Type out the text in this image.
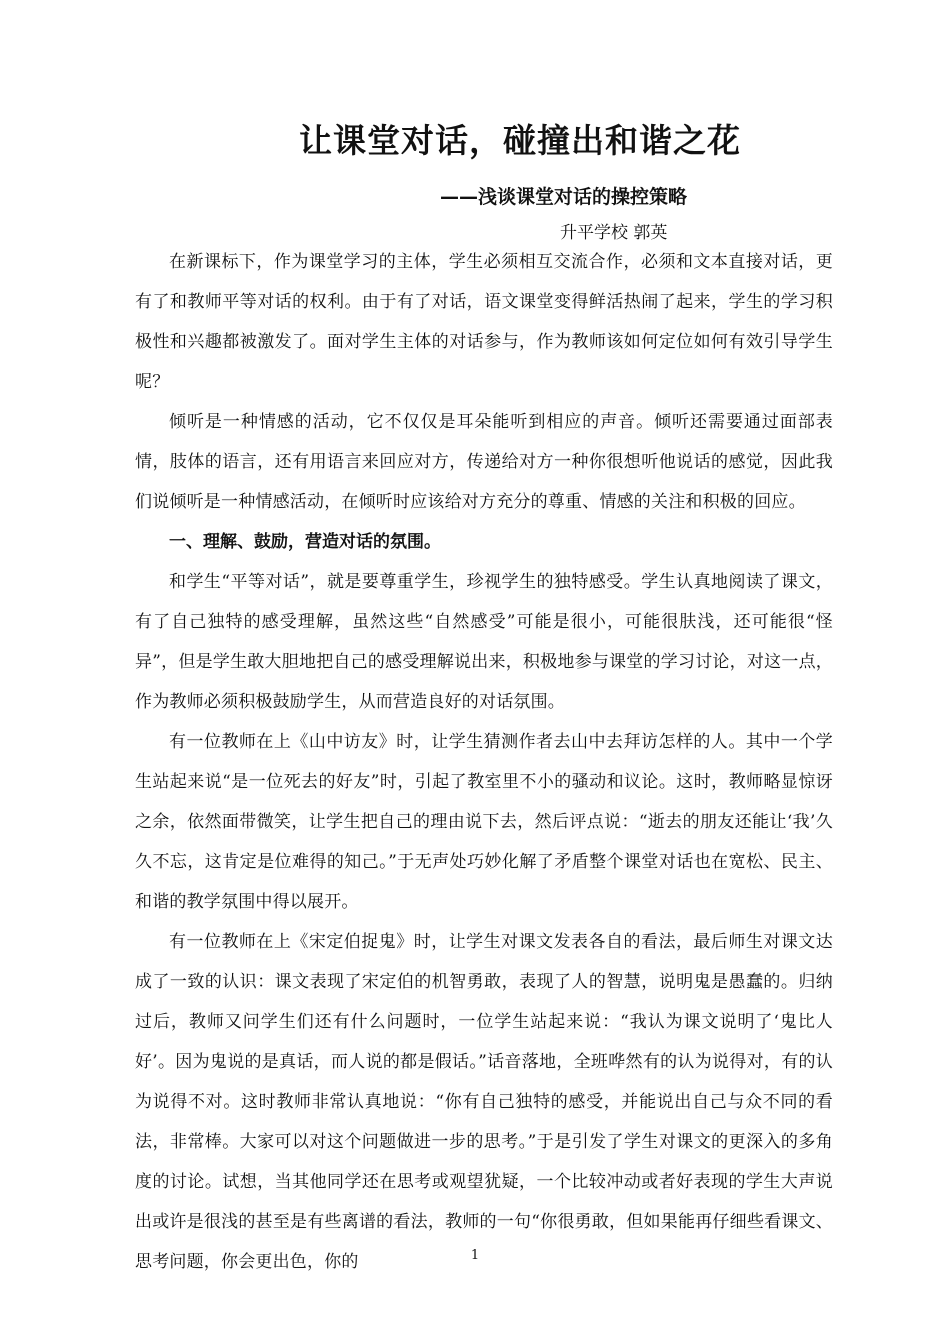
让课堂对话，碰撞出和谐之花

——浅谈课堂对话的操控策略

升平学校 郭英

在新课标下，作为课堂学习的主体，学生必须相互交流合作，必须和文本直接对话，更有了和教师平等对话的权利。由于有了对话，语文课堂变得鲜活热闹了起来，学生的学习积极性和兴趣都被激发了。面对学生主体的对话参与，作为教师该如何定位如何有效引导学生呢？

倾听是一种情感的活动，它不仅仅是耳朵能听到相应的声音。倾听还需要通过面部表情，肢体的语言，还有用语言来回应对方，传递给对方一种你很想听他说话的感觉，因此我们说倾听是一种情感活动，在倾听时应该给对方充分的尊重、情感的关注和积极的回应。

一、理解、鼓励，营造对话的氛围。

和学生“平等对话”，就是要尊重学生，珍视学生的独特感受。学生认真地阅读了课文，有了自己独特的感受理解，虽然这些“自然感受”可能是很小，可能很肤浅，还可能很“怪异”，但是学生敢大胆地把自己的感受理解说出来，积极地参与课堂的学习讨论，对这一点，作为教师必须积极鼓励学生，从而营造良好的对话氛围。

有一位教师在上《山中访友》时，让学生猜测作者去山中去拜访怎样的人。其中一个学生站起来说“是一位死去的好友”时，引起了教室里不小的骚动和议论。这时，教师略显惊讶之余，依然面带微笑，让学生把自己的理由说下去，然后评点说：“逝去的朋友还能让‘我’久久不忘，这肯定是位难得的知己。”于无声处巧妙化解了矛盾整个课堂对话也在宽松、民主、和谐的教学氛围中得以展开。

有一位教师在上《宋定伯捉鬼》时，让学生对课文发表各自的看法，最后师生对课文达成了一致的认识：课文表现了宋定伯的机智勇敢，表现了人的智慧，说明鬼是愚蠢的。归纳过后，教师又问学生们还有什么问题时，一位学生站起来说：“我认为课文说明了‘鬼比人好’。因为鬼说的是真话，而人说的都是假话。”话音落地，全班哗然有的认为说得对，有的认为说得不对。这时教师非常认真地说：“你有自己独特的感受，并能说出自己与众不同的看法，非常棒。大家可以对这个问题做进一步的思考。”于是引发了学生对课文的更深入的多角度的讨论。试想，当其他同学还在思考或观望犹疑，一个比较冲动或者好表现的学生大声说出或许是很浅的甚至是有些离谱的看法，教师的一句“你很勇敢，但如果能再仔细些看课文、思考问题，你会更出色，你的	1
